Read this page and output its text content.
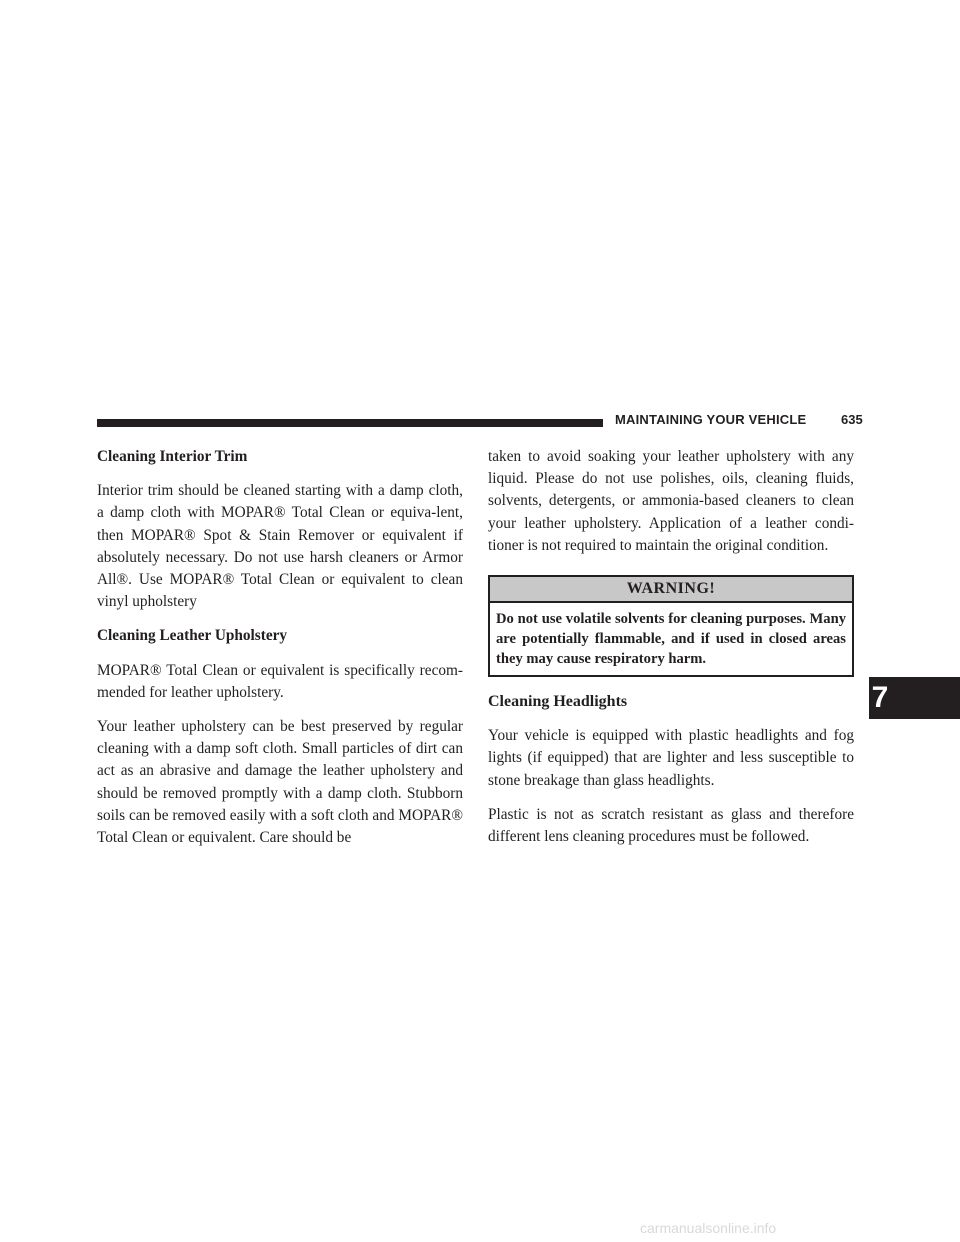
MAINTAINING YOUR VEHICLE	635
Cleaning Interior Trim

Interior trim should be cleaned starting with a damp cloth, a damp cloth with MOPAR® Total Clean or equiva-lent, then MOPAR® Spot & Stain Remover or equivalent if absolutely necessary. Do not use harsh cleaners or Armor All®. Use MOPAR® Total Clean or equivalent to clean vinyl upholstery

Cleaning Leather Upholstery

MOPAR® Total Clean or equivalent is specifically recom-mended for leather upholstery.

Your leather upholstery can be best preserved by regular cleaning with a damp soft cloth. Small particles of dirt can act as an abrasive and damage the leather upholstery and should be removed promptly with a damp cloth. Stubborn soils can be removed easily with a soft cloth and MOPAR® Total Clean or equivalent. Care should be

taken to avoid soaking your leather upholstery with any liquid. Please do not use polishes, oils, cleaning fluids, solvents, detergents, or ammonia-based cleaners to clean your leather upholstery. Application of a leather condi-tioner is not required to maintain the original condition.

WARNING!
Do not use volatile solvents for cleaning purposes. Many are potentially flammable, and if used in closed areas they may cause respiratory harm.
Cleaning Headlights

Your vehicle is equipped with plastic headlights and fog lights (if equipped) that are lighter and less susceptible to stone breakage than glass headlights.

Plastic is not as scratch resistant as glass and therefore different lens cleaning procedures must be followed.

7
carmanualsonline.info
